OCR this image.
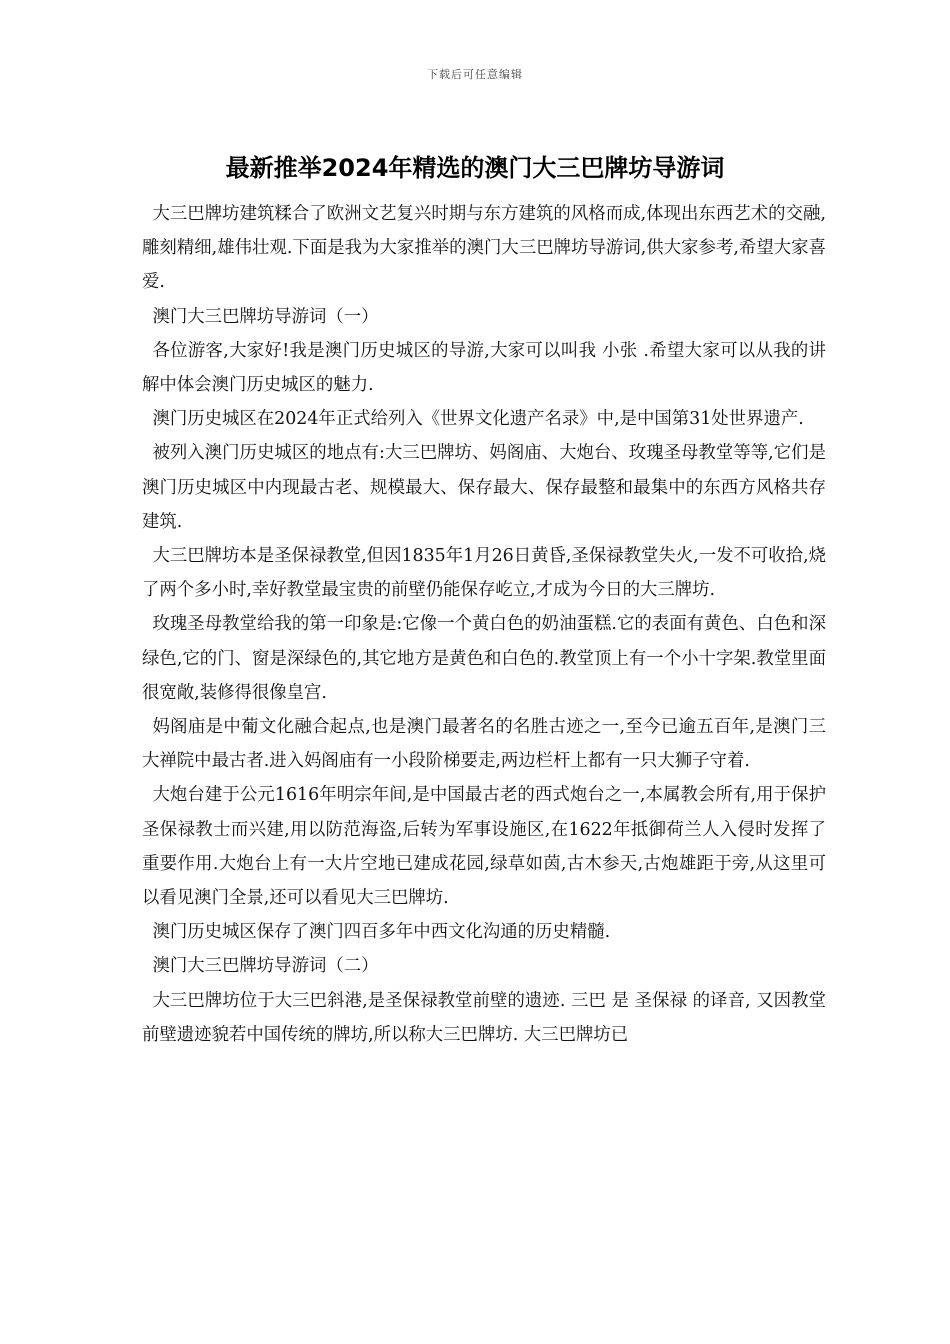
下载后可任意编辑
最新推举2024年精选的澳门大三巴牌坊导游词

大三巴牌坊建筑糅合了欧洲文艺复兴时期与东方建筑的风格而成,体现出东西艺术的交融,雕刻精细,雄伟壮观.下面是我为大家推举的澳门大三巴牌坊导游词,供大家参考,希望大家喜爱.

澳门大三巴牌坊导游词（一）

各位游客,大家好!我是澳门历史城区的导游,大家可以叫我 小张 .希望大家可以从我的讲解中体会澳门历史城区的魅力.

澳门历史城区在2024年正式给列入《世界文化遗产名录》中,是中国第31处世界遗产.

被列入澳门历史城区的地点有:大三巴牌坊、妈阁庙、大炮台、玫瑰圣母教堂等等,它们是澳门历史城区中内现最古老、规模最大、保存最大、保存最整和最集中的东西方风格共存建筑.

大三巴牌坊本是圣保禄教堂,但因1835年1月26日黄昏,圣保禄教堂失火,一发不可收拾,烧了两个多小时,幸好教堂最宝贵的前壁仍能保存屹立,才成为今日的大三牌坊.

玫瑰圣母教堂给我的第一印象是:它像一个黄白色的奶油蛋糕.它的表面有黄色、白色和深绿色,它的门、窗是深绿色的,其它地方是黄色和白色的.教堂顶上有一个小十字架.教堂里面很宽敞,装修得很像皇宫.

妈阁庙是中葡文化融合起点,也是澳门最著名的名胜古迹之一,至今已逾五百年,是澳门三大禅院中最古者.进入妈阁庙有一小段阶梯要走,两边栏杆上都有一只大狮子守着.

大炮台建于公元1616年明宗年间,是中国最古老的西式炮台之一,本属教会所有,用于保护圣保禄教士而兴建,用以防范海盗,后转为军事设施区,在1622年抵御荷兰人入侵时发挥了重要作用.大炮台上有一大片空地已建成花园,绿草如茵,古木参天,古炮雄距于旁,从这里可以看见澳门全景,还可以看见大三巴牌坊.

澳门历史城区保存了澳门四百多年中西文化沟通的历史精髓.

澳门大三巴牌坊导游词（二）

大三巴牌坊位于大三巴斜港,是圣保禄教堂前壁的遗迹. 三巴 是 圣保禄 的译音, 又因教堂前壁遗迹貌若中国传统的牌坊,所以称大三巴牌坊. 大三巴牌坊已
